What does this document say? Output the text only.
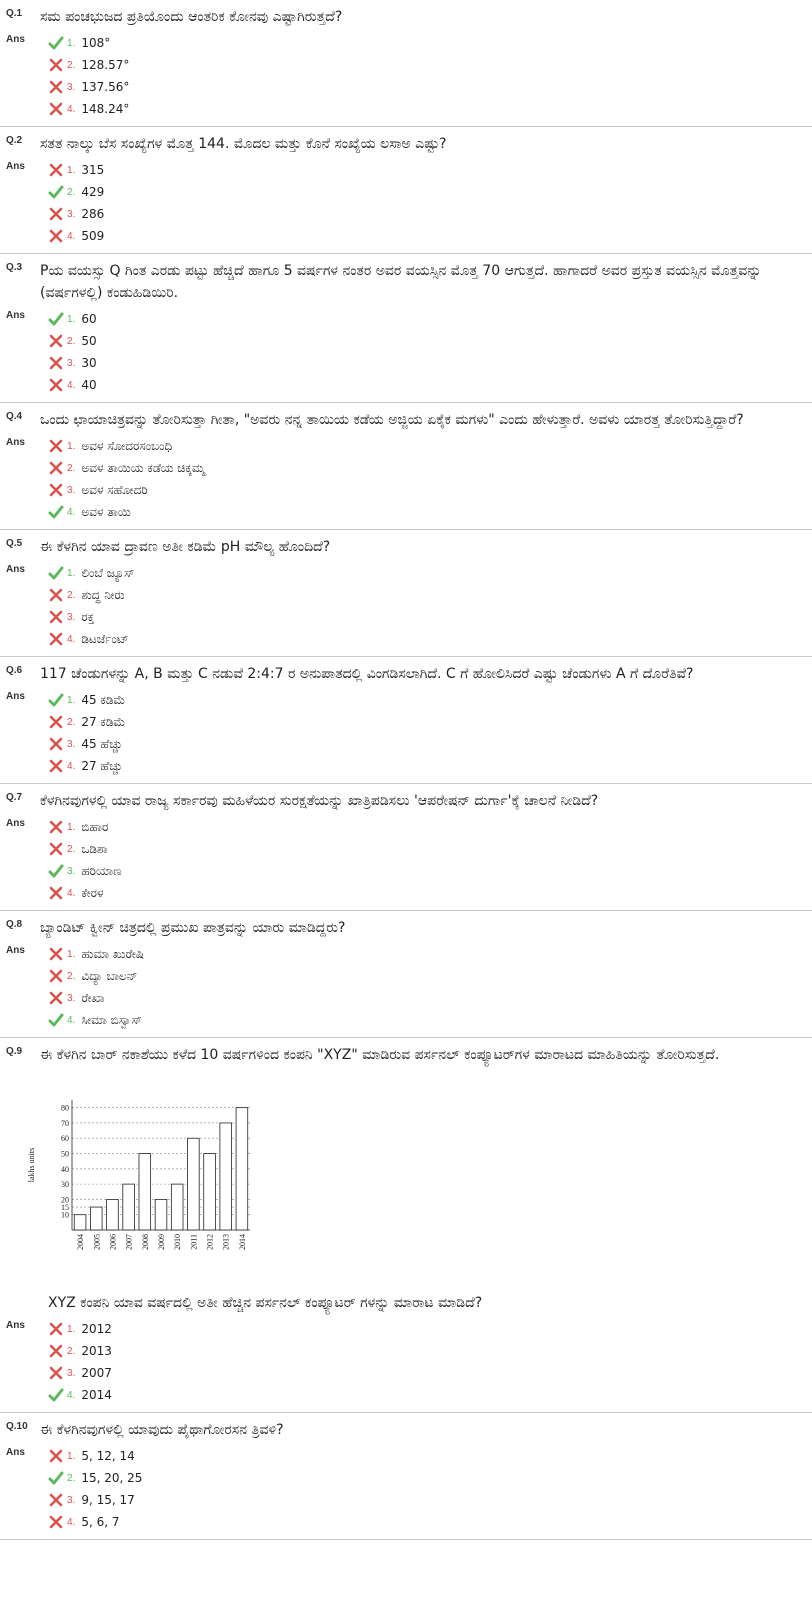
Q.1 ಸಮ ಪಂಚಭುಜದ ಪ್ರತಿಯೊಂದು ಆಂತರಿಕ ಕೋನವು ಎಷ್ಟಾಗಿರುತ್ತದೆ?
Ans	1. 108°
2. 128.57°
3. 137.56°
4. 148.24°
Q.2 ಸತತ ನಾಲ್ಕು ಬೆಸ ಸಂಖ್ಯೆಗಳ ಮೊತ್ತ 144. ಮೊದಲ ಮತ್ತು ಕೊನೆ ಸಂಖ್ಯೆಯ ಲಸಾಅ ಎಷ್ಟು?
Ans	1. 315
2. 429
3. 286
4. 509
Q.3 Pಯ ವಯಸ್ಸು Q ಗಿಂತ ಎರಡು ಪಟ್ಟು ಹೆಚ್ಚಿದೆ ಹಾಗೂ 5 ವರ್ಷಗಳ ನಂತರ ಅವರ ವಯಸ್ಸಿನ ಮೊತ್ತ 70 ಆಗುತ್ತದೆ. ಹಾಗಾದರೆ ಅವರ ಪ್ರಸ್ತುತ ವಯಸ್ಸಿನ ಮೊತ್ತವನ್ನು (ವರ್ಷಗಳಲ್ಲಿ) ಕಂಡುಹಿಡಿಯಿರಿ.
Ans	1. 60
2. 50
3. 30
4. 40
Q.4 ಒಂದು ಛಾಯಾಚಿತ್ರವನ್ನು ತೋರಿಸುತ್ತಾ ಗೀತಾ, "ಅವರು ನನ್ನ ತಾಯಿಯ ಕಡೆಯ ಅಜ್ಜಿಯ ಏಕೈಕ ಮಗಳು" ಎಂದು ಹೇಳುತ್ತಾರೆ. ಅವಳು ಯಾರತ್ತ ತೋರಿಸುತ್ತಿದ್ದಾರೆ?
Ans	1. ಅವಳ ಸೋದರಸಂಬಂಧಿ
2. ಅವಳ ತಾಯಿಯ ಕಡೆಯ ಚಿಕ್ಕಮ್ಮ
3. ಅವಳ ಸಹೋದರಿ
4. ಅವಳ ತಾಯಿ
Q.5 ಈ ಕೆಳಗಿನ ಯಾವ ದ್ರಾವಣ ಅತೀ ಕಡಿಮೆ pH ಮೌಲ್ಯ ಹೊಂದಿದೆ?
Ans	1. ಲಿಂಬೆ ಜ್ಯೂಸ್
2. ಶುದ್ಧ ನೀರು
3. ರಕ್ತ
4. ಡಿಟರ್ಜೆಂಟ್
Q.6 117 ಚೆಂಡುಗಳನ್ನು A, B ಮತ್ತು C ನಡುವೆ 2:4:7 ರ ಅನುಪಾತದಲ್ಲಿ ವಿಂಗಡಿಸಲಾಗಿದೆ. C ಗೆ ಹೋಲಿಸಿದರೆ ಎಷ್ಟು ಚೆಂಡುಗಳು A ಗೆ ದೊರೆತಿವೆ?
Ans	1. 45 ಕಡಿಮೆ
2. 27 ಕಡಿಮೆ
3. 45 ಹೆಚ್ಚು
4. 27 ಹೆಚ್ಚು
Q.7 ಕೆಳಗಿನವುಗಳಲ್ಲಿ ಯಾವ ರಾಜ್ಯ ಸರ್ಕಾರವು ಮಹಿಳೆಯರ ಸುರಕ್ಷತೆಯನ್ನು ಖಾತ್ರಿಪಡಿಸಲು 'ಆಪರೇಷನ್ ದುರ್ಗಾ'ಕ್ಕೆ ಚಾಲನೆ ನೀಡಿದೆ?
Ans	1. ಬಿಹಾರ
2. ಒಡಿಶಾ
3. ಹರಿಯಾಣ
4. ಕೇರಳ
Q.8 ಬ್ಯಾಂಡಿಟ್ ಕ್ವೀನ್ ಚಿತ್ರದಲ್ಲಿ ಪ್ರಮುಖ ಪಾತ್ರವನ್ನು ಯಾರು ಮಾಡಿದ್ದರು?
Ans	1. ಹುಮಾ ಖುರೇಷಿ
2. ವಿದ್ಯಾ ಬಾಲನ್
3. ರೇಖಾ
4. ಸೀಮಾ ಬಿಸ್ವಾಸ್
Q.9 ಈ ಕೆಳಗಿನ ಬಾರ್ ನಕಾಶೆಯು ಕಳೆದ 10 ವರ್ಷಗಳಿಂದ ಕಂಪನಿ "XYZ" ಮಾಡಿರುವ ಪರ್ಸನಲ್ ಕಂಪ್ಯೂಟರ್‌ಗಳ ಮಾರಾಟದ ಮಾಹಿತಿಯನ್ನು ತೋರಿಸುತ್ತದೆ.
10
15
20
30
40
50
60
70
80
lakhs units
2004 2005 2006 2007 2008 2009 2010 2011 2012 2013 2014
XYZ ಕಂಪನಿ ಯಾವ ವರ್ಷದಲ್ಲಿ ಅತೀ ಹೆಚ್ಚಿನ ಪರ್ಸನಲ್ ಕಂಪ್ಯೂಟರ್ ಗಳನ್ನು ಮಾರಾಟ ಮಾಡಿದೆ?
Ans	1. 2012
2. 2013
3. 2007
4. 2014
Q.10 ಈ ಕೆಳಗಿನವುಗಳಲ್ಲಿ ಯಾವುದು ಪೈಥಾಗೋರಸನ ತ್ರಿವಳಿ?
Ans	1. 5, 12, 14
2. 15, 20, 25
3. 9, 15, 17
4. 5, 6, 7
